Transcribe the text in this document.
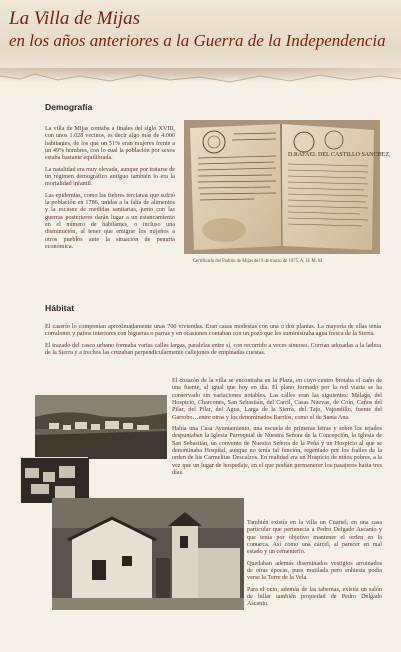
La Villa de Mijas
en los años anteriores a la Guerra de la Independencia
Demografía

La villa de Mijas contaba a finales del siglo XVIII, con unos 1.028 vecinos, es decir algo más de 4.000 habitantes, de los que un 51% eran mujeres frente a un 49% hombres, con lo cual la población por sexos estaba bastante equilibrada.

La natalidad era muy elevada, aunque por tratarse de un régimen demográfico antiguo también lo era la mortalidad infantil.

Las epidemias, como las fiebres tercianas que sufrió la población en 1786, unidas a la falta de alimentos y la escasez de medidas sanitarias, junto con las guerras posteriores darán lugar a un estancamiento en el número de habitantes, o incluso una disminución, al tener que emigrar los mijeños a otros pueblos ante la situación de penuria económica.

D.RAFAEL DEL CASTILLO SANCHEZ,
Certificado del Padrón de Mijas del 9 de marzo de 1975. A. H. M. M.
Hábitat

El caserío lo componían aproximadamente unas 700 viviendas. Eran casas modestas con una o dos plantas. La mayoría de ellas tenía corralones y patios interiores con higueras o parras y en ocasiones contaban con un pozo que les suministraba agua fresca de la Sierra.

El trazado del casco urbano formaba varias calles largas, paralelas entre sí, con recorrido a veces sinuoso. Corrían adosadas a la ladera de la Sierra y a trechos las cruzaban perpendicularmente callejones de empinadas cuestas.

El corazón de la villa se encontraba en la Plaza, en cuyo centro brotaba el caño de una fuente, al igual que hoy en día. El plano formado por la red viaria se ha conservado sin variaciones notables. Las calles eran las siguientes: Málaga, del Hospicio, Charcones, San Sebastián, del Carril, Casas Nuevas, de Coín, Caños del Pilar, del Pilar, del Agua, Larga de la Sierra, del Tajo, Vajondillo, fuente del Garrobo…entre otras y los denominados Barrios, como el de Santa Ana.

Había una Casa Ayuntamiento, una escuela de primeras letras y sobre los tejados despuntaban la Iglesia Parroquial de Nuestra Señora de la Concepción, la Iglesia de San Sebastián, un convento de Nuestra Señora de la Peña y un Hospicio al que se denominaba Hospital, aunque no tenía tal función, regentado por los frailes de la orden de los Carmelitas Descalzos. En realidad era un Hospicio de niños pobres, a la vez que un lugar de hospedaje, en el que podían permanecer los pasajeros hasta tres días.

También existía en la villa un Cuartel, en una casa particular que pertenecía a Pedro Delgado Ascanio y que tenía por objetivo mantener el orden en la comarca. Así como una cárcel, al parecer en mal estado y un cementerio.

Quedaban además diseminados vestigios arruinados de otras épocas, pues mutilada pero enhiesta podía verse la Torre de la Vela.

Para el ocio, además de las tabernas, existía un salón de billar también propiedad de Pedro Delgado Ascanio.
